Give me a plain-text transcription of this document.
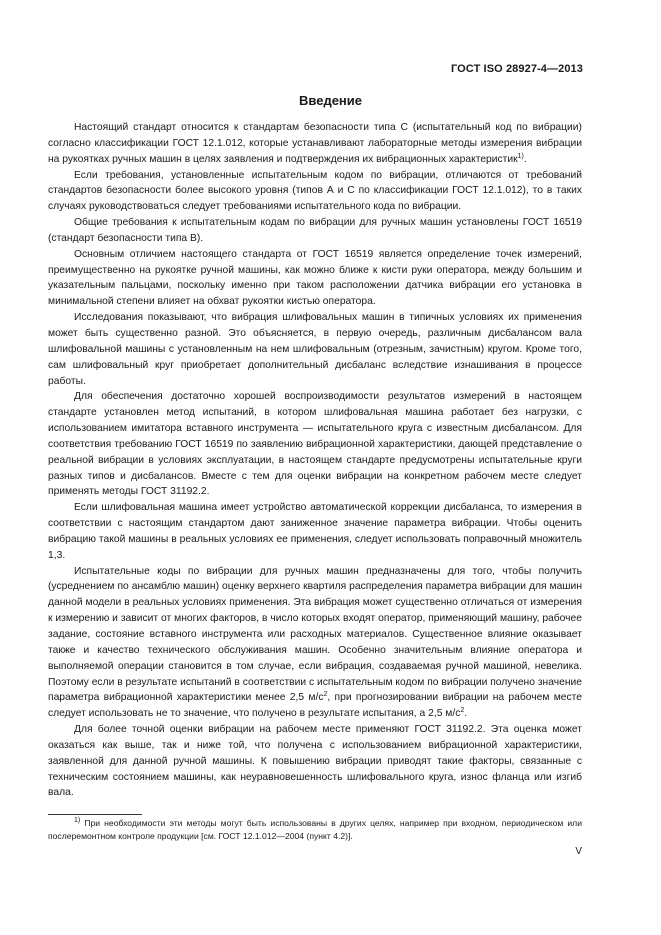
ГОСТ ISO 28927-4—2013
Введение

Настоящий стандарт относится к стандартам безопасности типа С (испытательный код по вибрации) согласно классификации ГОСТ 12.1.012, которые устанавливают лабораторные методы измерения вибрации на рукоятках ручных машин в целях заявления и подтверждения их вибрационных характеристик$^{1)}$.

Если требования, установленные испытательным кодом по вибрации, отличаются от требований стандартов безопасности более высокого уровня (типов А и С по классификации ГОСТ 12.1.012), то в таких случаях руководствоваться следует требованиями испытательного кода по вибрации.

Общие требования к испытательным кодам по вибрации для ручных машин установлены ГОСТ 16519 (стандарт безопасности типа В).

Основным отличием настоящего стандарта от ГОСТ 16519 является определение точек измерений, преимущественно на рукоятке ручной машины, как можно ближе к кисти руки оператора, между большим и указательным пальцами, поскольку именно при таком расположении датчика вибрации его установка в минимальной степени влияет на обхват рукоятки кистью оператора.

Исследования показывают, что вибрация шлифовальных машин в типичных условиях их применения может быть существенно разной. Это объясняется, в первую очередь, различным дисбалансом вала шлифовальной машины с установленным на нем шлифовальным (отрезным, зачистным) кругом. Кроме того, сам шлифовальный круг приобретает дополнительный дисбаланс вследствие изнашивания в процессе работы.

Для обеспечения достаточно хорошей воспроизводимости результатов измерений в настоящем стандарте установлен метод испытаний, в котором шлифовальная машина работает без нагрузки, с использованием имитатора вставного инструмента — испытательного круга с известным дисбалансом. Для соответствия требованию ГОСТ 16519 по заявлению вибрационной характеристики, дающей представление о реальной вибрации в условиях эксплуатации, в настоящем стандарте предусмотрены испытательные круги разных типов и дисбалансов. Вместе с тем для оценки вибрации на конкретном рабочем месте следует применять методы ГОСТ 31192.2.

Если шлифовальная машина имеет устройство автоматической коррекции дисбаланса, то измерения в соответствии с настоящим стандартом дают заниженное значение параметра вибрации. Чтобы оценить вибрацию такой машины в реальных условиях ее применения, следует использовать поправочный множитель 1,3.

Испытательные коды по вибрации для ручных машин предназначены для того, чтобы получить (усреднением по ансамблю машин) оценку верхнего квартиля распределения параметра вибрации для машин данной модели в реальных условиях применения. Эта вибрация может существенно отличаться от измерения к измерению и зависит от многих факторов, в число которых входят оператор, применяющий машину, рабочее задание, состояние вставного инструмента или расходных материалов. Существенное влияние оказывает также и качество технического обслуживания машин. Особенно значительным влияние оператора и выполняемой операции становится в том случае, если вибрация, создаваемая ручной машиной, невелика. Поэтому если в результате испытаний в соответствии с испытательным кодом по вибрации получено значение параметра вибрационной характеристики менее 2,5 $м/с^2$, при прогнозировании вибрации на рабочем месте следует использовать не то значение, что получено в результате испытания, а 2,5 $м/с^2$.

Для более точной оценки вибрации на рабочем месте применяют ГОСТ 31192.2. Эта оценка может оказаться как выше, так и ниже той, что получена с использованием вибрационной характеристики, заявленной для данной ручной машины. К повышению вибрации приводят такие факторы, связанные с техническим состоянием машины, как неуравновешенность шлифовального круга, износ фланца или изгиб вала.

$^{1)}$ При необходимости эти методы могут быть использованы в других целях, например при входном, периодическом или послеремонтном контроле продукции [см. ГОСТ 12.1.012—2004 (пункт 4.2)].

V
